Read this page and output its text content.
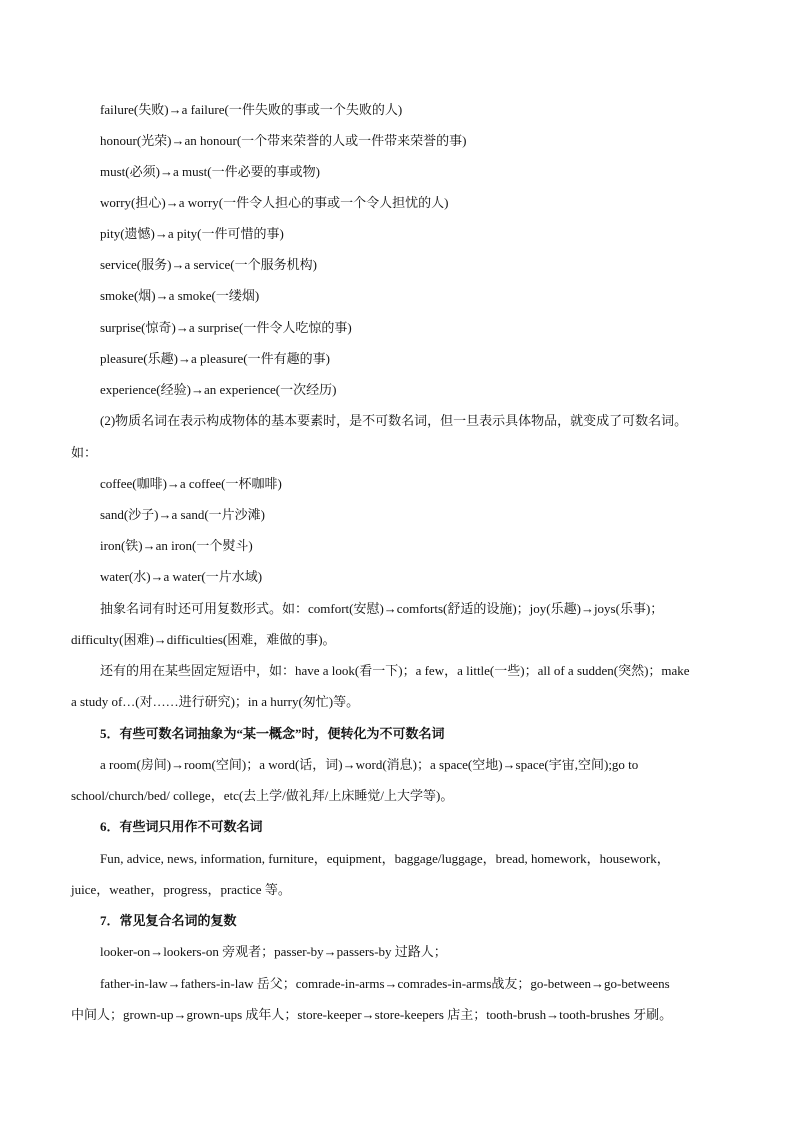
failure(失败)→a failure(一件失败的事或一个失败的人)
honour(光荣)→an honour(一个带来荣誉的人或一件带来荣誉的事)
must(必须)→a must(一件必要的事或物)
worry(担心)→a worry(一件令人担心的事或一个令人担忧的人)
pity(遗憾)→a pity(一件可惜的事)
service(服务)→a service(一个服务机构)
smoke(烟)→a smoke(一缕烟)
surprise(惊奇)→a surprise(一件令人吃惊的事)
pleasure(乐趣)→a pleasure(一件有趣的事)
experience(经验)→an experience(一次经历)
(2)物质名词在表示构成物体的基本要素时，是不可数名词，但一旦表示具体物品，就变成了可数名词。
如：
coffee(咖啡)→a coffee(一杯咖啡)
sand(沙子)→a sand(一片沙滩)
iron(铁)→an iron(一个熨斗)
water(水)→a water(一片水域)
抽象名词有时还可用复数形式。如：comfort(安慰)→comforts(舒适的设施)；joy(乐趣)→joys(乐事)；
difficulty(困难)→difficulties(困难，难做的事)。
还有的用在某些固定短语中，如：have a look(看一下)；a few，a little(一些)；all of a sudden(突然)；make
a study of…(对……进行研究)；in a hurry(匆忙)等。
5．有些可数名词抽象为“某一概念”时，便转化为不可数名词
a room(房间)→room(空间)；a word(话，词)→word(消息)；a space(空地)→space(宇宙,空间);go to
school/church/bed/ college，etc(去上学/做礼拜/上床睡觉/上大学等)。
6．有些词只用作不可数名词
Fun, advice, news, information, furniture，equipment，baggage/luggage，bread, homework，housework，
juice，weather，progress，practice 等。
7．常见复合名词的复数
looker-on→lookers-on 旁观者；passer-by→passers-by 过路人；
father-in-law→fathers-in-law 岳父；comrade-in-arms→comrades-in-arms战友；go-between→go-betweens
中间人；grown-up→grown-ups 成年人；store-keeper→store-keepers 店主；tooth-brush→tooth-brushes 牙刷。
